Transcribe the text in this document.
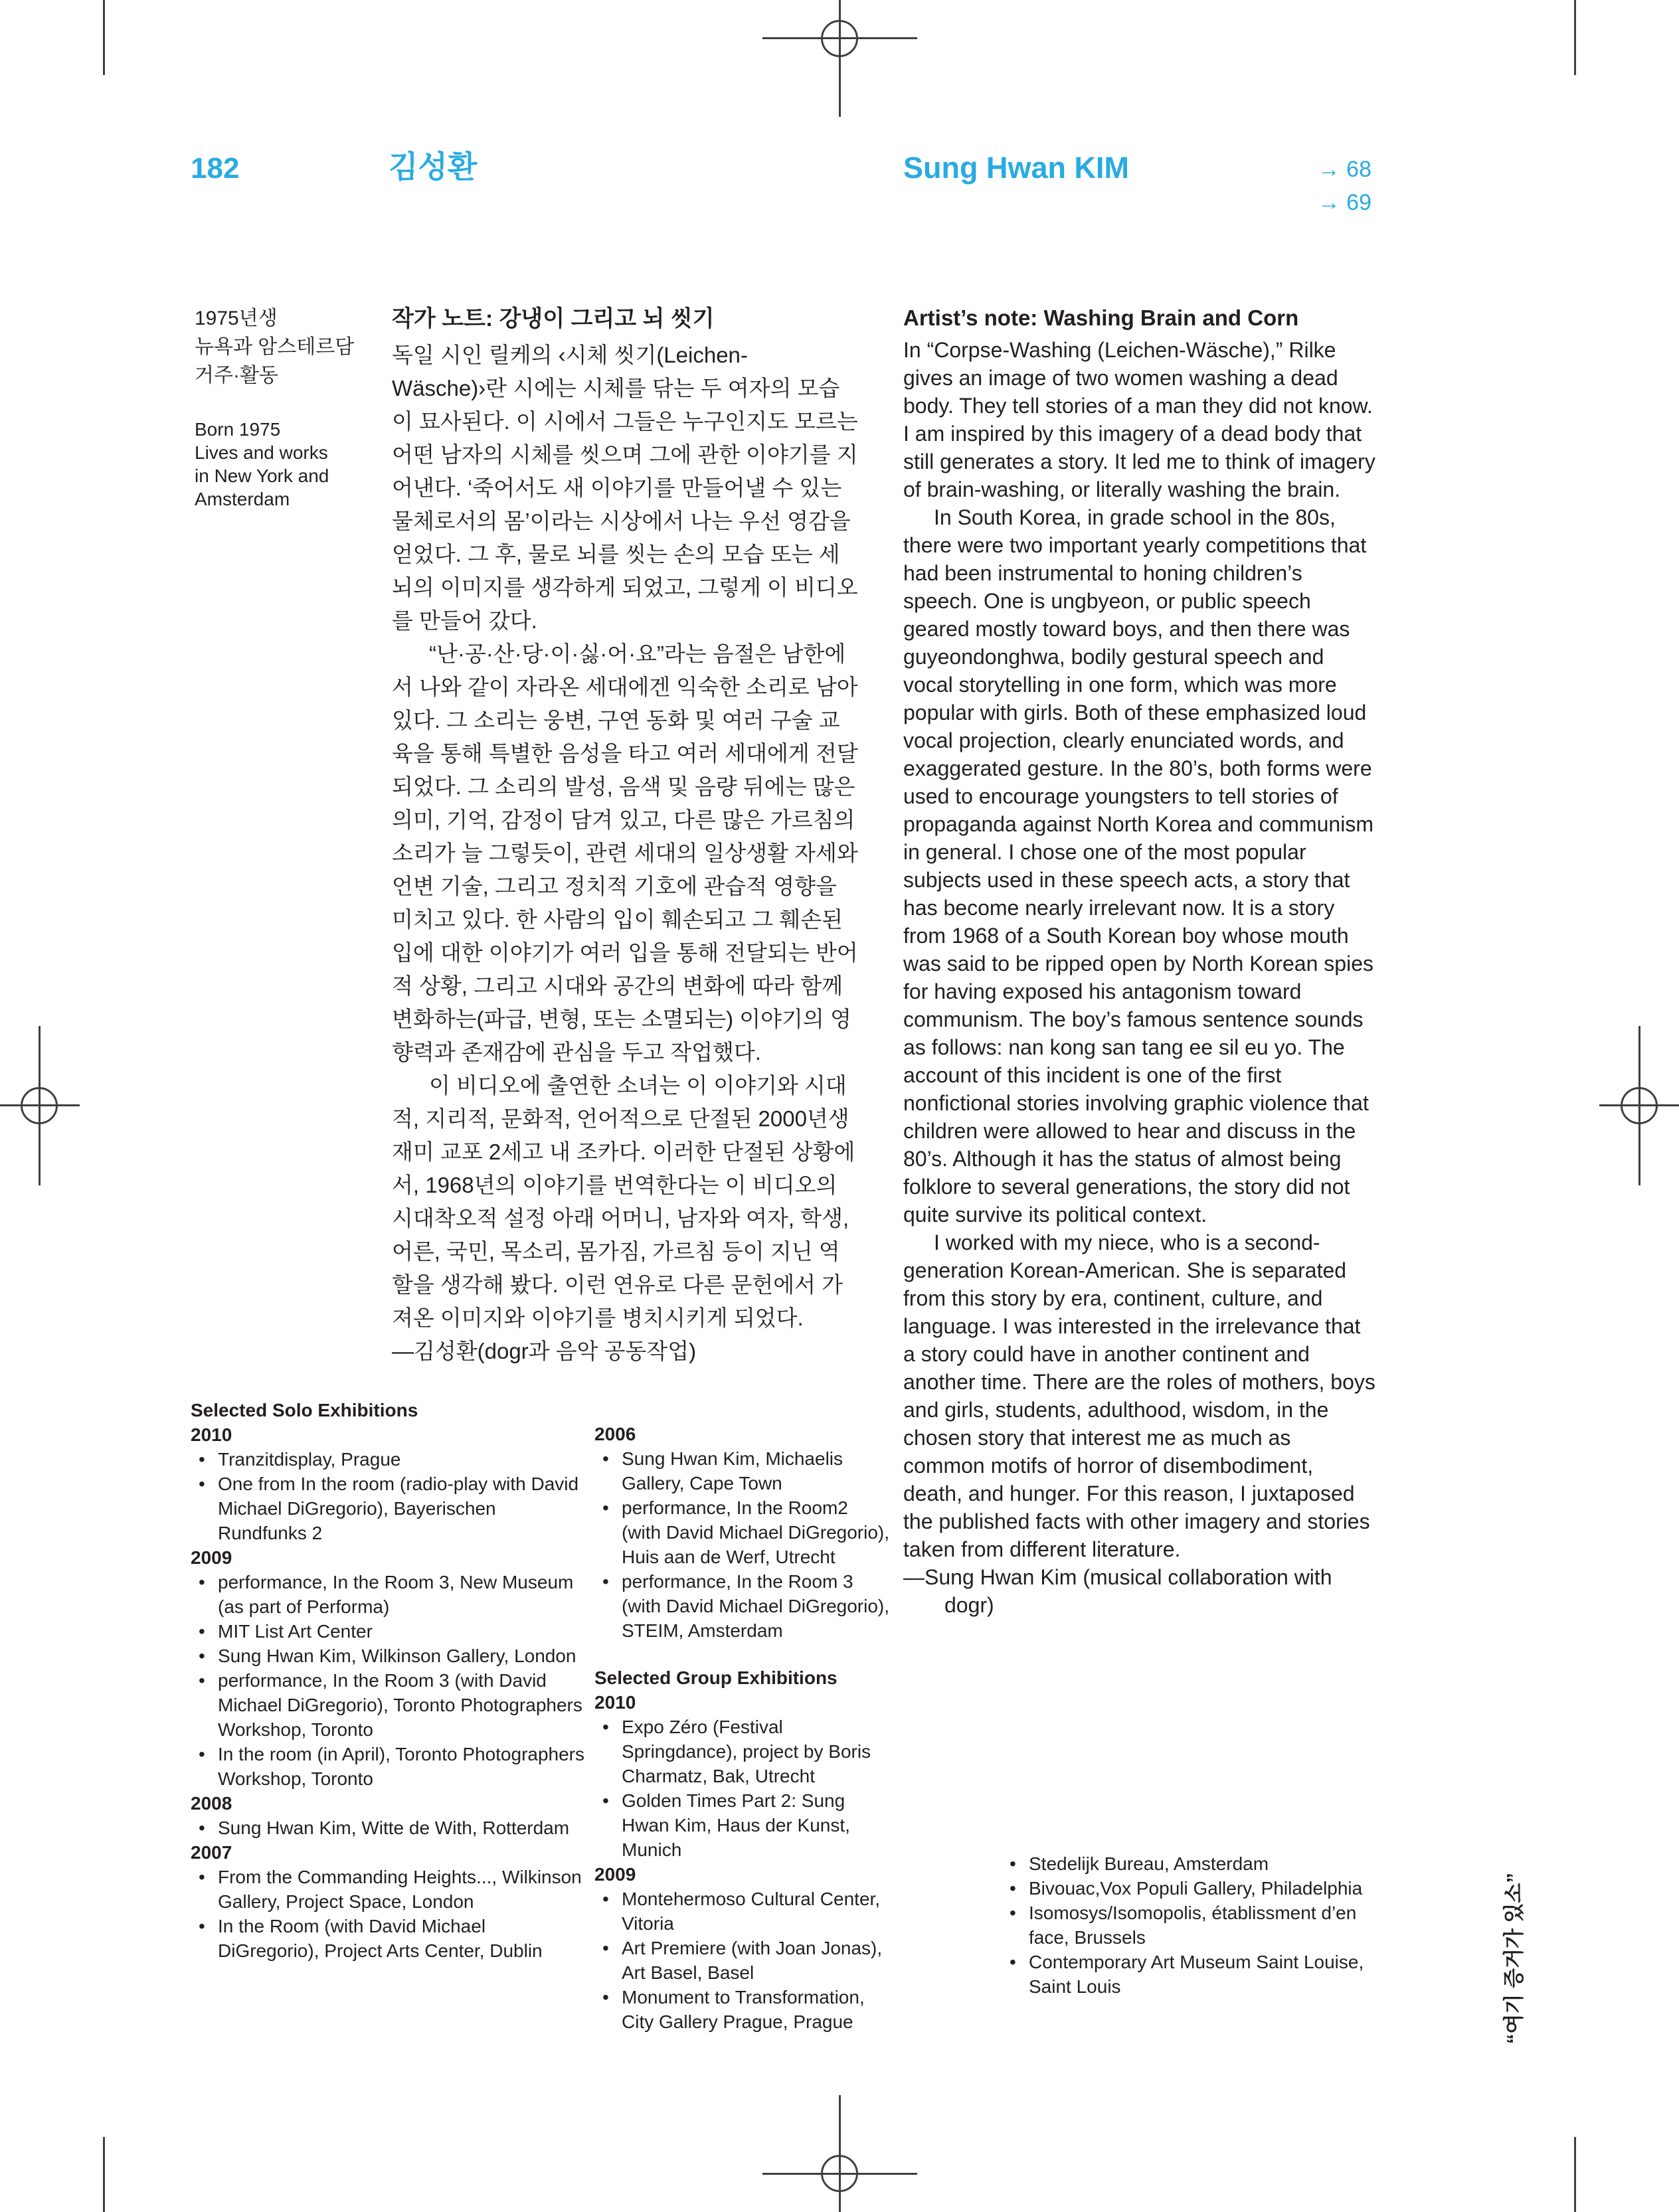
182	김성환	Sung Hwan KIM	→ 68
→ 69
1975년생
뉴욕과 암스테르담
거주·활동
Born 1975
Lives and works
in New York and
Amsterdam

작가 노트: 강냉이 그리고 뇌 씻기

독일 시인 릴케의 ‹시체 씻기(Leichen-Wäsche)›란 시에는 시체를 닦는 두 여자의 모습이 묘사된다. 이 시에서 그들은 누구인지도 모르는 어떤 남자의 시체를 씻으며 그에 관한 이야기를 지어낸다. ‘죽어서도 새 이야기를 만들어낼 수 있는 물체로서의 몸’이라는 시상에서 나는 우선 영감을 얻었다. 그 후, 물로 뇌를 씻는 손의 모습 또는 세뇌의 이미지를 생각하게 되었고, 그렇게 이 비디오를 만들어 갔다.

“난·공·산·당·이·싫·어·요”라는 음절은 남한에서 나와 같이 자라온 세대에겐 익숙한 소리로 남아 있다. 그 소리는 웅변, 구연 동화 및 여러 구술 교육을 통해 특별한 음성을 타고 여러 세대에게 전달되었다. 그 소리의 발성, 음색 및 음량 뒤에는 많은 의미, 기억, 감정이 담겨 있고, 다른 많은 가르침의 소리가 늘 그렇듯이, 관련 세대의 일상생활 자세와 언변 기술, 그리고 정치적 기호에 관습적 영향을 미치고 있다. 한 사람의 입이 훼손되고 그 훼손된 입에 대한 이야기가 여러 입을 통해 전달되는 반어적 상황, 그리고 시대와 공간의 변화에 따라 함께 변화하는(파급, 변형, 또는 소멸되는) 이야기의 영향력과 존재감에 관심을 두고 작업했다.

이 비디오에 출연한 소녀는 이 이야기와 시대적, 지리적, 문화적, 언어적으로 단절된 2000년생 재미 교포 2세고 내 조카다. 이러한 단절된 상황에서, 1968년의 이야기를 번역한다는 이 비디오의 시대착오적 설정 아래 어머니, 남자와 여자, 학생, 어른, 국민, 목소리, 몸가짐, 가르침 등이 지닌 역할을 생각해 봤다. 이런 연유로 다른 문헌에서 가져온 이미지와 이야기를 병치시키게 되었다.

—김성환(dogr과 음악 공동작업)

Artist’s note: Washing Brain and Corn

In “Corpse-Washing (Leichen-Wäsche),” Rilke gives an image of two women washing a dead body. They tell stories of a man they did not know. I am inspired by this imagery of a dead body that still generates a story. It led me to think of imagery of brain-washing, or literally washing the brain.

In South Korea, in grade school in the 80s, there were two important yearly competitions that had been instrumental to honing children’s speech. One is ungbyeon, or public speech geared mostly toward boys, and then there was guyeondonghwa, bodily gestural speech and vocal storytelling in one form, which was more popular with girls. Both of these emphasized loud vocal projection, clearly enunciated words, and exaggerated gesture. In the 80’s, both forms were used to encourage youngsters to tell stories of propaganda against North Korea and communism in general. I chose one of the most popular subjects used in these speech acts, a story that has become nearly irrelevant now. It is a story from 1968 of a South Korean boy whose mouth was said to be ripped open by North Korean spies for having exposed his antagonism toward communism. The boy’s famous sentence sounds as follows: nan kong san tang ee sil eu yo. The account of this incident is one of the first nonfictional stories involving graphic violence that children were allowed to hear and discuss in the 80’s. Although it has the status of almost being folklore to several generations, the story did not quite survive its political context.

I worked with my niece, who is a second-generation Korean-American. She is separated from this story by era, continent, culture, and language. I was interested in the irrelevance that a story could have in another continent and another time. There are the roles of mothers, boys and girls, students, adulthood, wisdom, in the chosen story that interest me as much as common motifs of horror of disembodiment, death, and hunger. For this reason, I juxtaposed the published facts with other imagery and stories taken from different literature.

—Sung Hwan Kim (musical collaboration with dogr)

Selected Solo Exhibitions

2010
• Tranzitdisplay, Prague
• One from In the room (radio-play with David Michael DiGregorio), Bayerischen Rundfunks 2
2009
• performance, In the Room 3, New Museum (as part of Performa)
• MIT List Art Center
• Sung Hwan Kim, Wilkinson Gallery, London
• performance, In the Room 3 (with David Michael DiGregorio), Toronto Photographers Workshop, Toronto
• In the room (in April), Toronto Photographers Workshop, Toronto
2008
• Sung Hwan Kim, Witte de With, Rotterdam
2007
• From the Commanding Heights..., Wilkinson Gallery, Project Space, London
• In the Room (with David Michael DiGregorio), Project Arts Center, Dublin
2006
• Sung Hwan Kim, Michaelis Gallery, Cape Town
• performance, In the Room2 (with David Michael DiGregorio), Huis aan de Werf, Utrecht
• performance, In the Room 3 (with David Michael DiGregorio), STEIM, Amsterdam

Selected Group Exhibitions

2010
• Expo Zéro (Festival Springdance), project by Boris Charmatz, Bak, Utrecht
• Golden Times Part 2: Sung Hwan Kim, Haus der Kunst, Munich
2009
• Montehermoso Cultural Center, Vitoria
• Art Premiere (with Joan Jonas), Art Basel, Basel
• Monument to Transformation, City Gallery Prague, Prague
• Stedelijk Bureau, Amsterdam
• Bivouac,Vox Populi Gallery, Philadelphia
• Isomosys/Isomopolis, établissment d’en face, Brussels
• Contemporary Art Museum Saint Louise, Saint Louis	“여기 증거가 있소”
